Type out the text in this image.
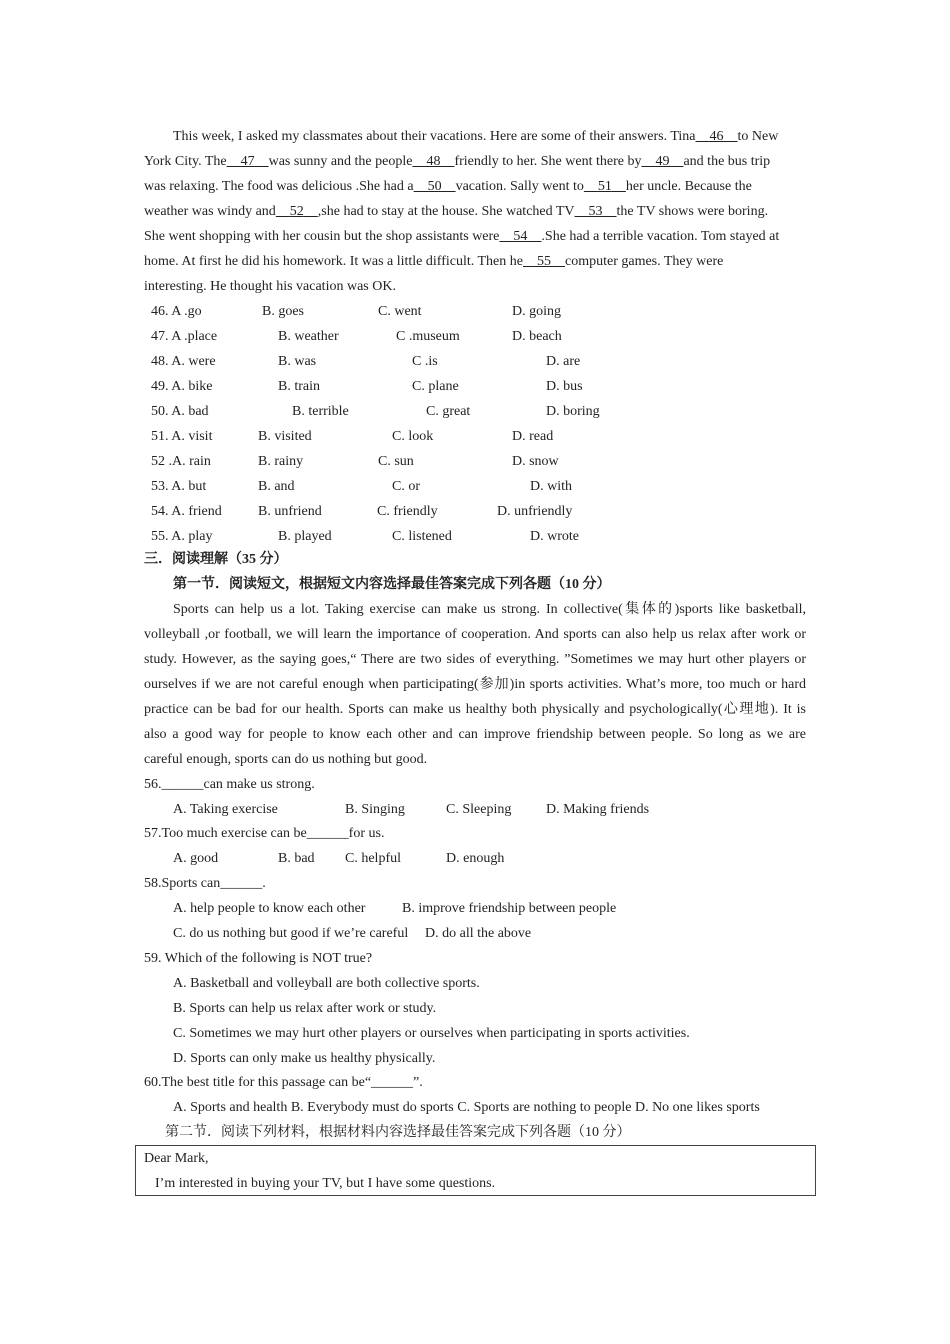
This week, I asked my classmates about their vacations. Here are some of their answers. Tina 46 to New
York City. The 47 was sunny and the people 48 friendly to her. She went there by 49 and the bus trip
was relaxing. The food was delicious .She had a 50 vacation. Sally went to 51 her uncle. Because the
weather was windy and 52 ,she had to stay at the house. She watched TV 53 the TV shows were boring.
She went shopping with her cousin but the shop assistants were 54 .She had a terrible vacation. Tom stayed at
home. At first he did his homework. It was a little difficult. Then he 55 computer games. They were
interesting. He thought his vacation was OK.
46. A .go	B. goes	C. went	D. going
47. A .place	B. weather	C .museum	D. beach
48. A. were	B. was	C .is	D. are
49. A. bike	B. train	C. plane	D. bus
50. A. bad	B. terrible	C. great	D. boring
51. A. visit	B. visited	C. look	D. read
52 .A. rain	B. rainy	C. sun	D. snow
53. A. but	B. and	C. or	D. with
54. A. friend	B. unfriend	C. friendly	D. unfriendly
55. A. play	B. played	C. listened	D. wrote
三．阅读理解（35 分）
第一节．阅读短文，根据短文内容选择最佳答案完成下列各题（10 分）
Sports can help us a lot. Taking exercise can make us strong. In collective(集体的)sports like basketball,
volleyball ,or football, we will learn the importance of cooperation. And sports can also help us relax after work or
study. However, as the saying goes,“ There are two sides of everything. ”Sometimes we may hurt other players or
ourselves if we are not careful enough when participating(参加)in sports activities. What’s more, too much or hard
practice can be bad for our health. Sports can make us healthy both physically and psychologically(心理地). It is
also a good way for people to know each other and can improve friendship between people. So long as we are
careful enough, sports can do us nothing but good.
56.______can make us strong.
A. Taking exercise	B. Singing	C. Sleeping D. Making friends
57.Too much exercise can be______for us.
A. good	B. bad C. helpful	D. enough
58.Sports can______.
A. help people to know each other	B. improve friendship between people
C. do us nothing but good if we’re careful D. do all the above
59. Which of the following is NOT true?
A. Basketball and volleyball are both collective sports.
B. Sports can help us relax after work or study.
C. Sometimes we may hurt other players or ourselves when participating in sports activities.
D. Sports can only make us healthy physically.
60.The best title for this passage can be“______”.
A. Sports and health B. Everybody must do sports C. Sports are nothing to people D. No one likes sports
第二节．阅读下列材料，根据材料内容选择最佳答案完成下列各题（10 分）
Dear Mark,
I’m interested in buying your TV, but I have some questions.
